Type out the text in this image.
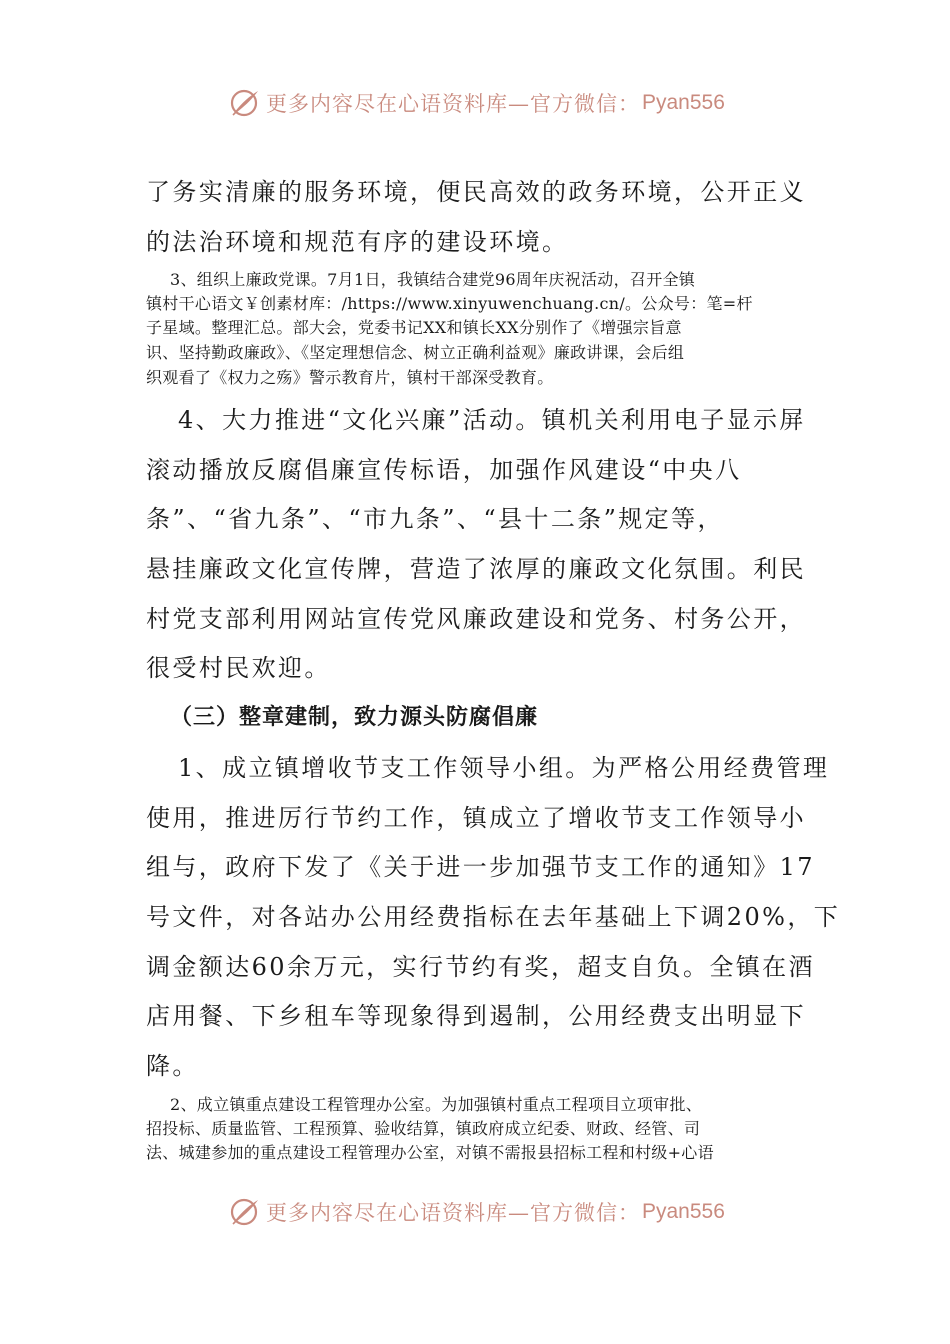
更多内容尽在心语资料库—官方微信： Pyan556

了务实清廉的服务环境，便民高效的政务环境，公开正义

的法治环境和规范有序的建设环境。

3、组织上廉政党课。7月1日，我镇结合建党96周年庆祝活动，召开全镇

镇村干心语文￥创素材库：/https://www.xinyuwenchuang.cn/。公众号：笔=杆

子星域。整理汇总。部大会，党委书记XX和镇长XX分别作了《增强宗旨意

识、坚持勤政廉政》、《坚定理想信念、树立正确利益观》廉政讲课，会后组

织观看了《权力之殇》警示教育片，镇村干部深受教育。

4、大力推进“文化兴廉”活动。镇机关利用电子显示屏

滚动播放反腐倡廉宣传标语，加强作风建设“中央八

条”、“省九条”、“市九条”、“县十二条”规定等，

悬挂廉政文化宣传牌，营造了浓厚的廉政文化氛围。利民

村党支部利用网站宣传党风廉政建设和党务、村务公开，

很受村民欢迎。

（三）整章建制，致力源头防腐倡廉

1、成立镇增收节支工作领导小组。为严格公用经费管理

使用，推进厉行节约工作，镇成立了增收节支工作领导小

组与，政府下发了《关于进一步加强节支工作的通知》17

号文件，对各站办公用经费指标在去年基础上下调20%，下

调金额达60余万元，实行节约有奖，超支自负。全镇在酒

店用餐、下乡租车等现象得到遏制，公用经费支出明显下

降。

2、成立镇重点建设工程管理办公室。为加强镇村重点工程项目立项审批、

招投标、质量监管、工程预算、验收结算，镇政府成立纪委、财政、经管、司

法、城建参加的重点建设工程管理办公室，对镇不需报县招标工程和村级+心语

更多内容尽在心语资料库—官方微信： Pyan556
